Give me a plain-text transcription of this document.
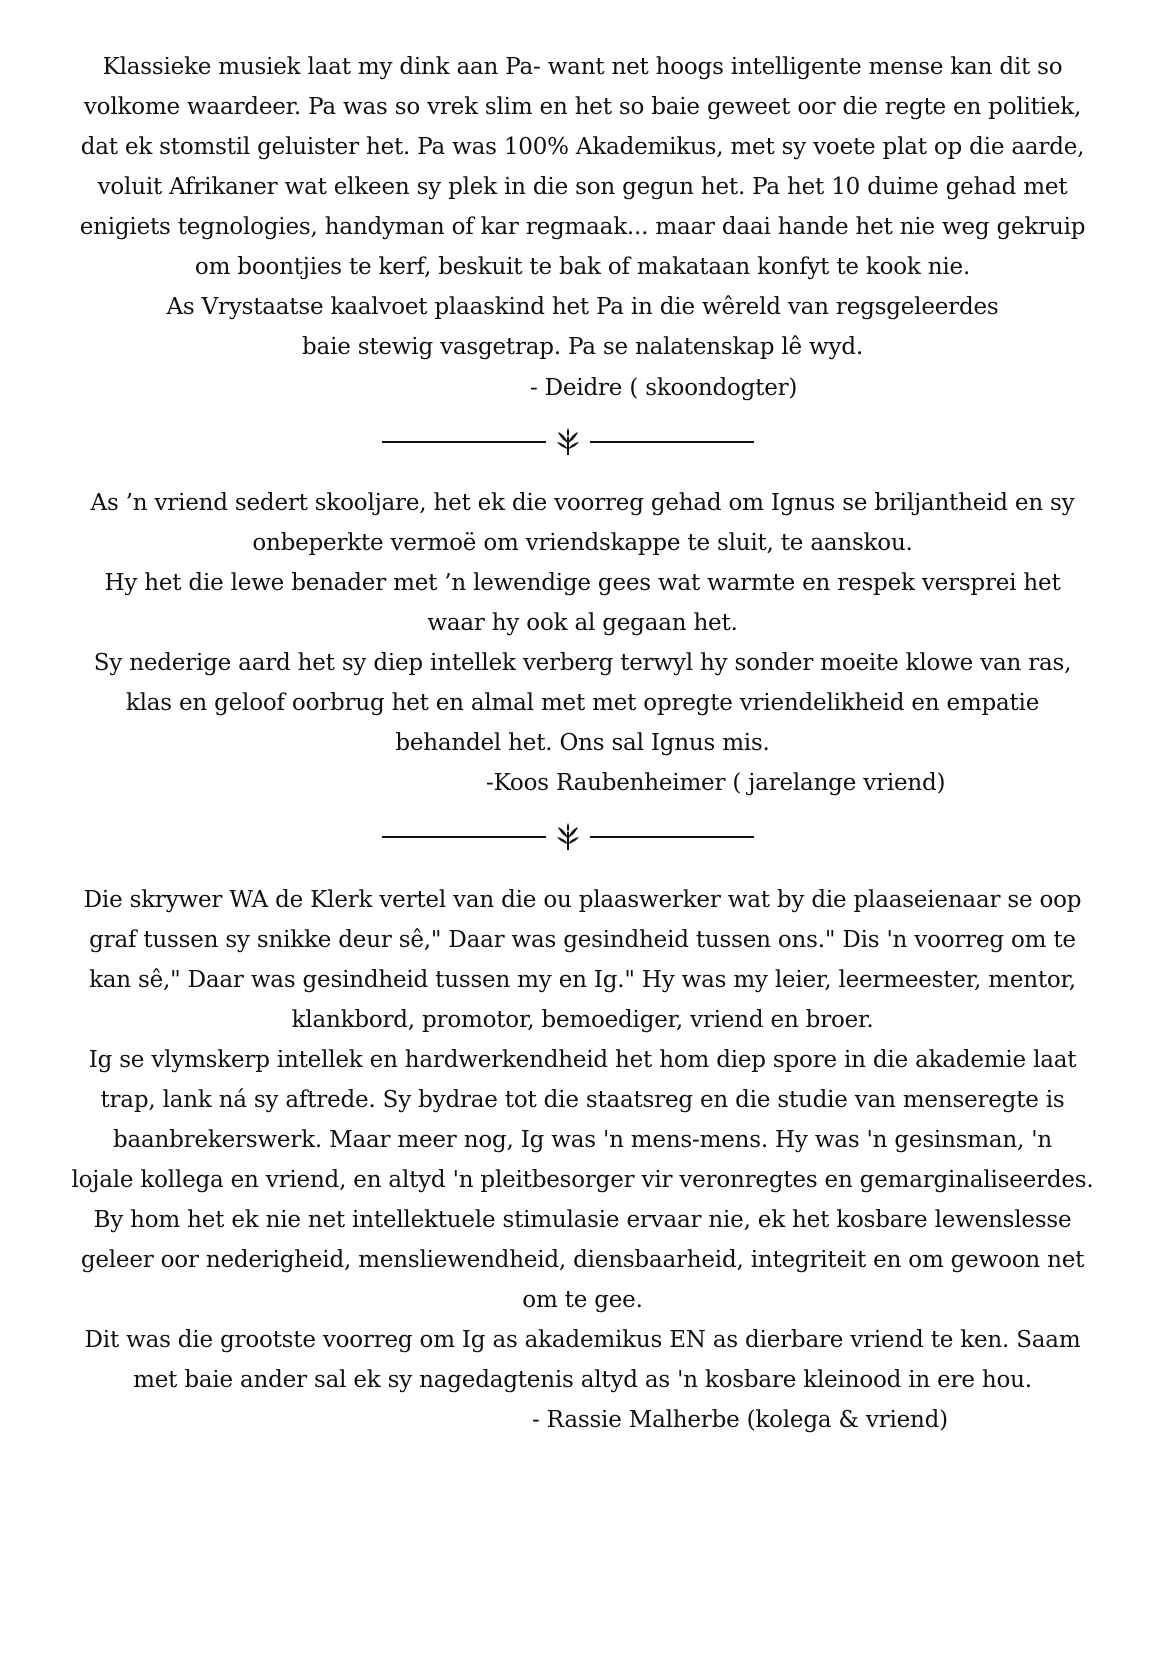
Klassieke musiek laat my dink aan Pa- want net hoogs intelligente mense kan dit so
volkome waardeer. Pa was so vrek slim en het so baie geweet oor die regte en politiek,
dat ek stomstil geluister het. Pa was 100% Akademikus, met sy voete plat op die aarde,
voluit Afrikaner wat elkeen sy plek in die son gegun het. Pa het 10 duime gehad met
enigiets tegnologies, handyman of kar regmaak... maar daai hande het nie weg gekruip
om boontjies te kerf, beskuit te bak of makataan konfyt te kook nie.
As Vrystaatse kaalvoet plaaskind het Pa in die wêreld van regsgeleerdes
baie stewig vasgetrap. Pa se nalatenskap lê wyd.
- Deidre ( skoondogter)
As ’n vriend sedert skooljare, het ek die voorreg gehad om Ignus se briljantheid en sy
onbeperkte vermoë om vriendskappe te sluit, te aanskou.
Hy het die lewe benader met ’n lewendige gees wat warmte en respek versprei het
waar hy ook al gegaan het.
Sy nederige aard het sy diep intellek verberg terwyl hy sonder moeite klowe van ras,
klas en geloof oorbrug het en almal met met opregte vriendelikheid en empatie
behandel het. Ons sal Ignus mis.
-Koos Raubenheimer ( jarelange vriend)
Die skrywer WA de Klerk vertel van die ou plaaswerker wat by die plaaseienaar se oop
graf tussen sy snikke deur sê," Daar was gesindheid tussen ons." Dis 'n voorreg om te
kan sê," Daar was gesindheid tussen my en Ig." Hy was my leier, leermeester, mentor,
klankbord, promotor, bemoediger, vriend en broer.
Ig se vlymskerp intellek en hardwerkendheid het hom diep spore in die akademie laat
trap, lank ná sy aftrede. Sy bydrae tot die staatsreg en die studie van menseregte is
baanbrekerswerk. Maar meer nog, Ig was 'n mens-mens. Hy was 'n gesinsman, 'n
lojale kollega en vriend, en altyd 'n pleitbesorger vir veronregtes en gemarginaliseerdes.
By hom het ek nie net intellektuele stimulasie ervaar nie, ek het kosbare lewenslesse
geleer oor nederigheid, mensliewendheid, diensbaarheid, integriteit en om gewoon net
om te gee.
Dit was die grootste voorreg om Ig as akademikus EN as dierbare vriend te ken. Saam
met baie ander sal ek sy nagedagtenis altyd as 'n kosbare kleinood in ere hou.
- Rassie Malherbe (kolega & vriend)
